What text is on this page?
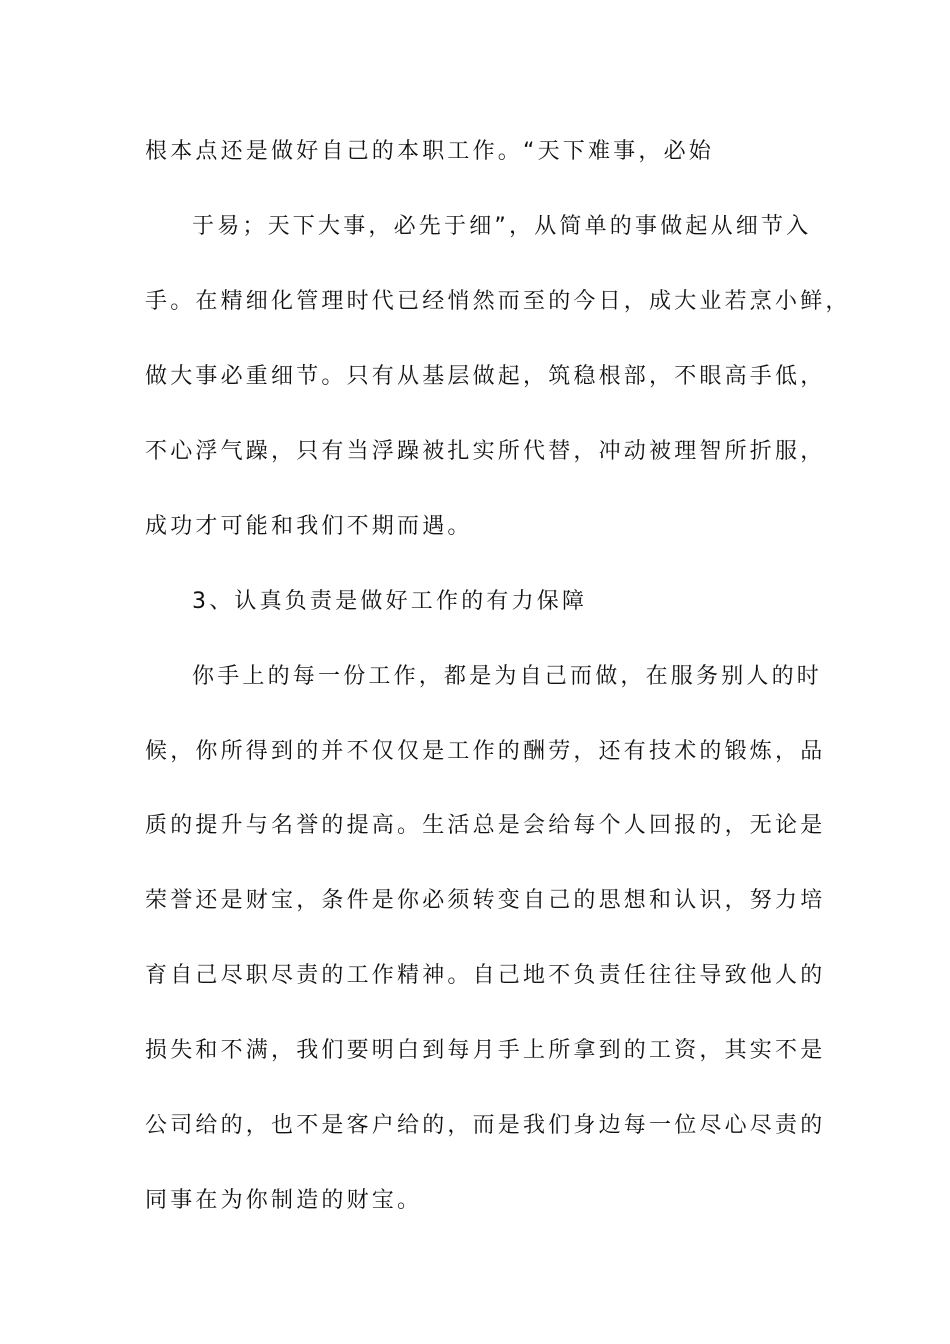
根本点还是做好自己的本职工作。“天下难事，必始

于易；天下大事，必先于细”，从简单的事做起从细节入

手。在精细化管理时代已经悄然而至的今日，成大业若烹小鲜，

做大事必重细节。只有从基层做起，筑稳根部，不眼高手低，

不心浮气躁，只有当浮躁被扎实所代替，冲动被理智所折服，

成功才可能和我们不期而遇。

3、认真负责是做好工作的有力保障

你手上的每一份工作，都是为自己而做，在服务别人的时

候，你所得到的并不仅仅是工作的酬劳，还有技术的锻炼，品

质的提升与名誉的提高。生活总是会给每个人回报的，无论是

荣誉还是财宝，条件是你必须转变自己的思想和认识，努力培

育自己尽职尽责的工作精神。自己地不负责任往往导致他人的

损失和不满，我们要明白到每月手上所拿到的工资，其实不是

公司给的，也不是客户给的，而是我们身边每一位尽心尽责的

同事在为你制造的财宝。
